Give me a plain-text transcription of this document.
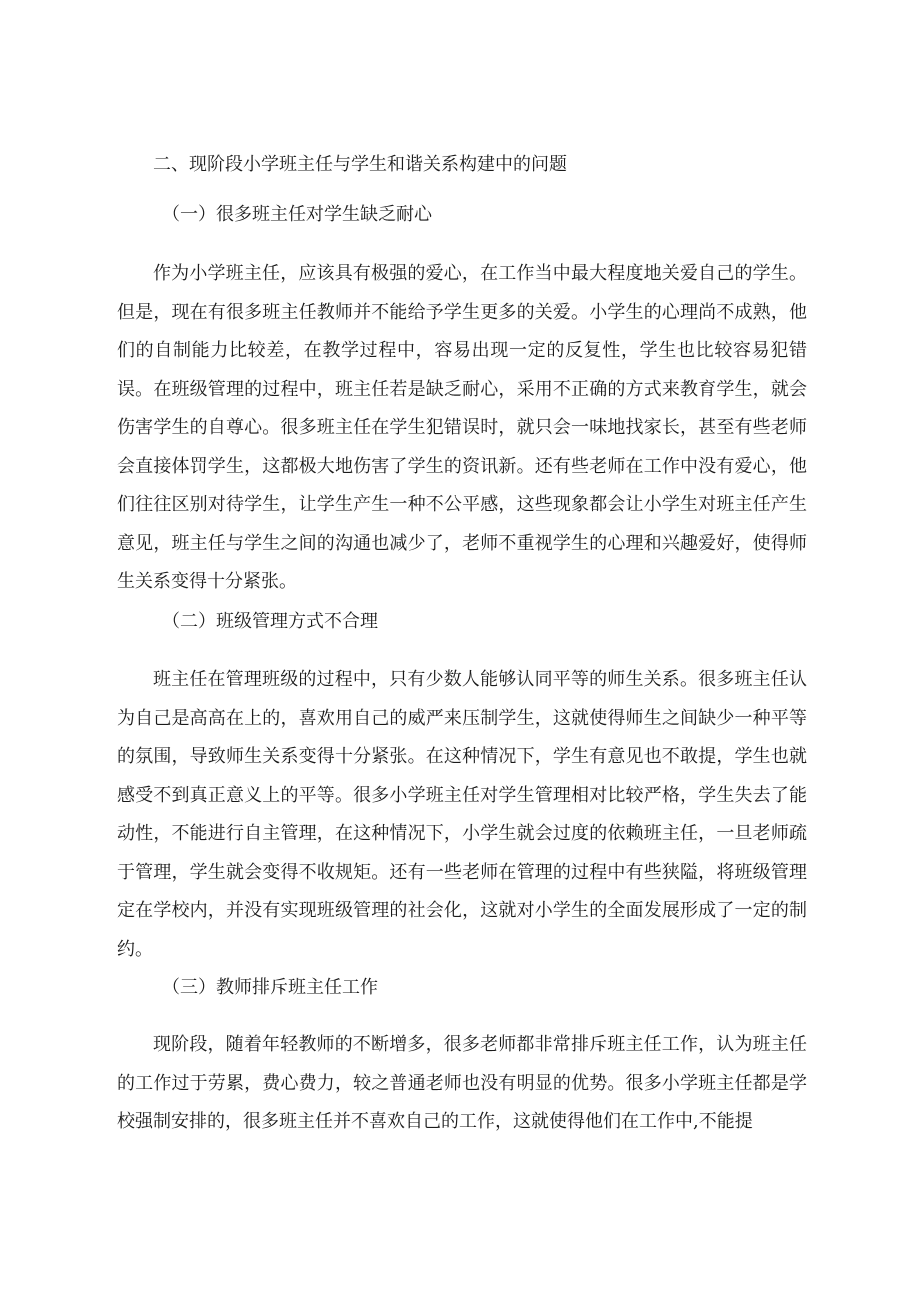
二、现阶段小学班主任与学生和谐关系构建中的问题
（一）很多班主任对学生缺乏耐心

作为小学班主任，应该具有极强的爱心，在工作当中最大程度地关爱自己的学生。但是，现在有很多班主任教师并不能给予学生更多的关爱。小学生的心理尚不成熟，他们的自制能力比较差，在教学过程中，容易出现一定的反复性，学生也比较容易犯错误。在班级管理的过程中，班主任若是缺乏耐心，采用不正确的方式来教育学生，就会伤害学生的自尊心。很多班主任在学生犯错误时，就只会一味地找家长，甚至有些老师会直接体罚学生，这都极大地伤害了学生的资讯新。还有些老师在工作中没有爱心，他们往往区别对待学生，让学生产生一种不公平感，这些现象都会让小学生对班主任产生意见，班主任与学生之间的沟通也减少了，老师不重视学生的心理和兴趣爱好，使得师生关系变得十分紧张。

（二）班级管理方式不合理

班主任在管理班级的过程中，只有少数人能够认同平等的师生关系。很多班主任认为自己是高高在上的，喜欢用自己的威严来压制学生，这就使得师生之间缺少一种平等的氛围，导致师生关系变得十分紧张。在这种情况下，学生有意见也不敢提，学生也就感受不到真正意义上的平等。很多小学班主任对学生管理相对比较严格，学生失去了能动性，不能进行自主管理，在这种情况下，小学生就会过度的依赖班主任，一旦老师疏于管理，学生就会变得不收规矩。还有一些老师在管理的过程中有些狭隘，将班级管理定在学校内，并没有实现班级管理的社会化，这就对小学生的全面发展形成了一定的制约。

（三）教师排斥班主任工作

现阶段，随着年轻教师的不断增多，很多老师都非常排斥班主任工作，认为班主任的工作过于劳累，费心费力，较之普通老师也没有明显的优势。很多小学班主任都是学校强制安排的，很多班主任并不喜欢自己的工作，这就使得他们在工作中,不能提
